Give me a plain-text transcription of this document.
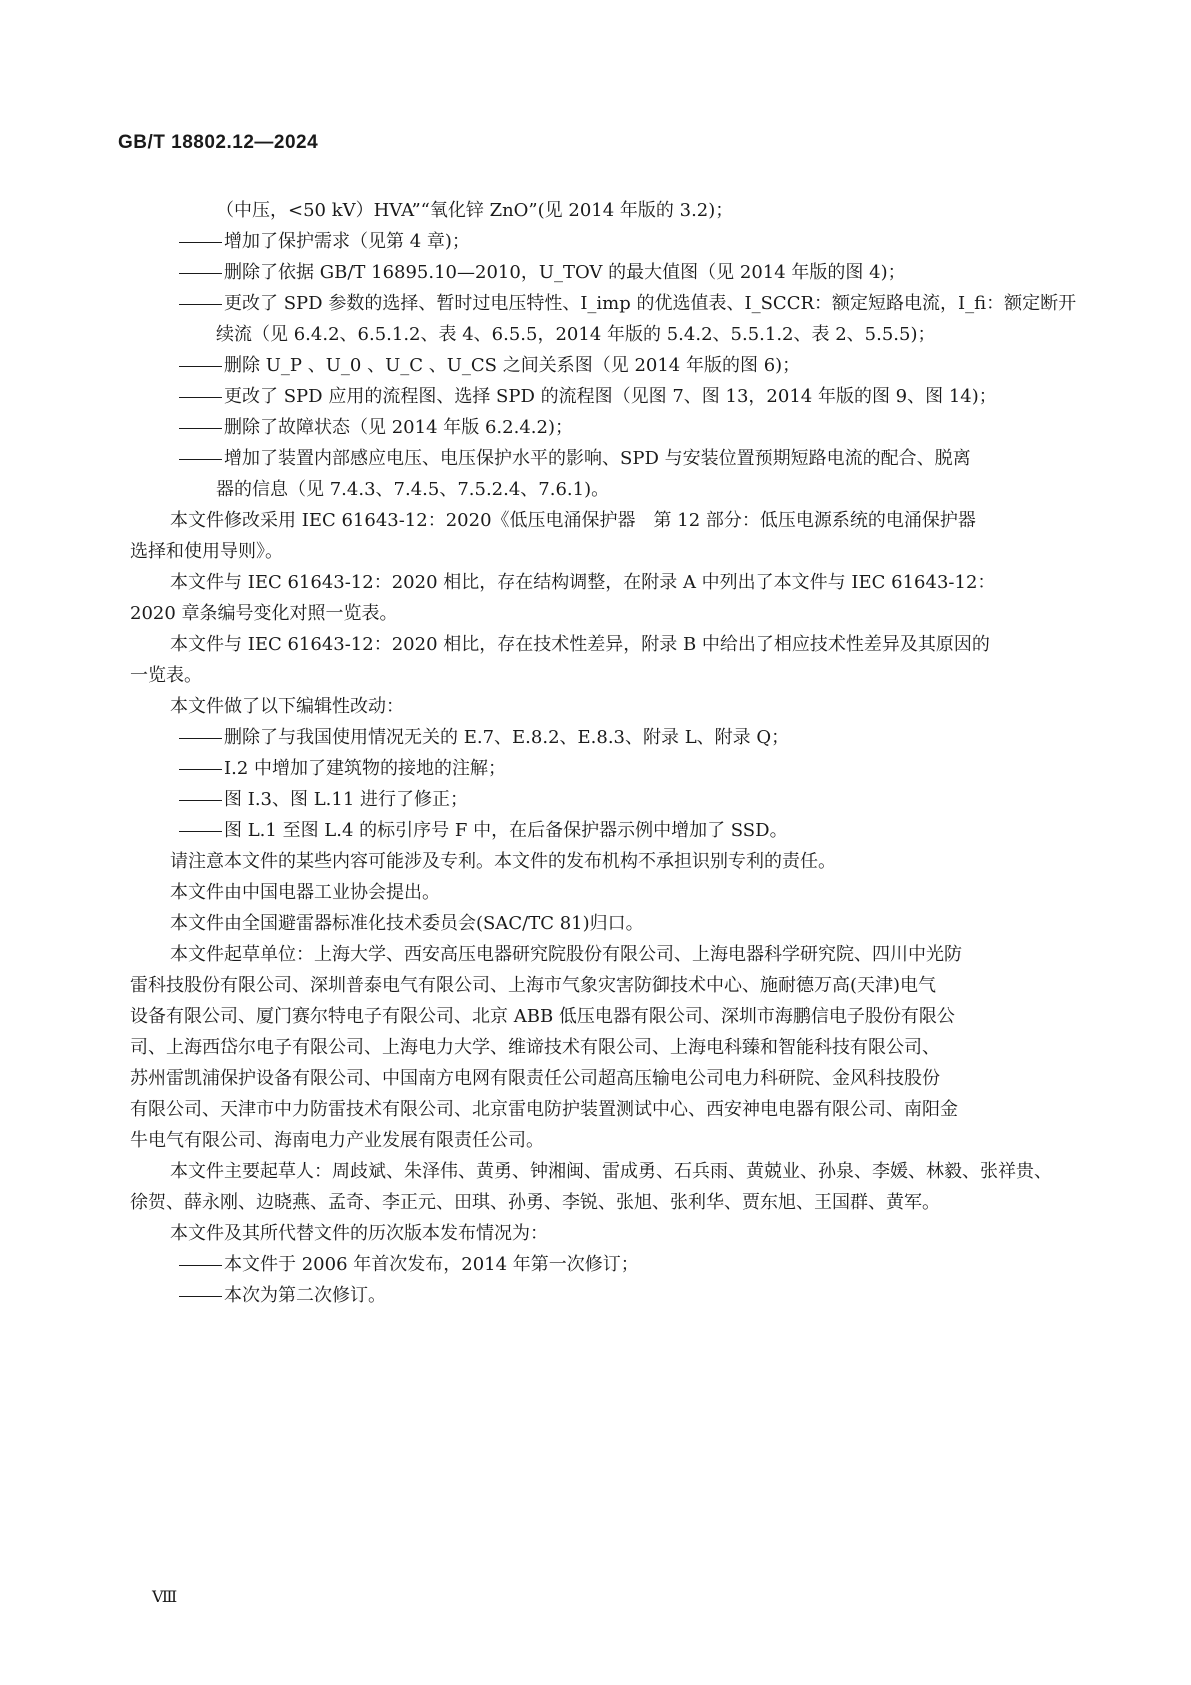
GB/T 18802.12—2024
（中压，<50 kV）HVA”“氧化锌 ZnO”(见 2014 年版的 3.2)；
增加了保护需求（见第 4 章)；
删除了依据 GB/T 16895.10—2010，U_TOV 的最大值图（见 2014 年版的图 4)；
更改了 SPD 参数的选择、暂时过电压特性、I_imp 的优选值表、I_SCCR：额定短路电流，I_fi：额定断开
续流（见 6.4.2、6.5.1.2、表 4、6.5.5，2014 年版的 5.4.2、5.5.1.2、表 2、5.5.5)；
删除 U_P 、U_0 、U_C 、U_CS 之间关系图（见 2014 年版的图 6)；
更改了 SPD 应用的流程图、选择 SPD 的流程图（见图 7、图 13，2014 年版的图 9、图 14)；
删除了故障状态（见 2014 年版 6.2.4.2)；
增加了装置内部感应电压、电压保护水平的影响、SPD 与安装位置预期短路电流的配合、脱离
器的信息（见 7.4.3、7.4.5、7.5.2.4、7.6.1)。
本文件修改采用 IEC 61643-12：2020《低压电涌保护器　第 12 部分：低压电源系统的电涌保护器
选择和使用导则》。
本文件与 IEC 61643-12：2020 相比，存在结构调整，在附录 A 中列出了本文件与 IEC 61643-12：
2020 章条编号变化对照一览表。
本文件与 IEC 61643-12：2020 相比，存在技术性差异，附录 B 中给出了相应技术性差异及其原因的
一览表。
本文件做了以下编辑性改动：
删除了与我国使用情况无关的 E.7、E.8.2、E.8.3、附录 L、附录 Q；
I.2 中增加了建筑物的接地的注解；
图 I.3、图 L.11 进行了修正；
图 L.1 至图 L.4 的标引序号 F 中，在后备保护器示例中增加了 SSD。
请注意本文件的某些内容可能涉及专利。本文件的发布机构不承担识别专利的责任。
本文件由中国电器工业协会提出。
本文件由全国避雷器标准化技术委员会(SAC/TC 81)归口。
本文件起草单位：上海大学、西安高压电器研究院股份有限公司、上海电器科学研究院、四川中光防
雷科技股份有限公司、深圳普泰电气有限公司、上海市气象灾害防御技术中心、施耐德万高(天津)电气
设备有限公司、厦门赛尔特电子有限公司、北京 ABB 低压电器有限公司、深圳市海鹏信电子股份有限公
司、上海西岱尔电子有限公司、上海电力大学、维谛技术有限公司、上海电科臻和智能科技有限公司、
苏州雷凯浦保护设备有限公司、中国南方电网有限责任公司超高压输电公司电力科研院、金风科技股份
有限公司、天津市中力防雷技术有限公司、北京雷电防护装置测试中心、西安神电电器有限公司、南阳金
牛电气有限公司、海南电力产业发展有限责任公司。
本文件主要起草人：周歧斌、朱泽伟、黄勇、钟湘闽、雷成勇、石兵雨、黄兢业、孙泉、李媛、林毅、张祥贵、
徐贺、薛永刚、边晓燕、孟奇、李正元、田琪、孙勇、李锐、张旭、张利华、贾东旭、王国群、黄军。
本文件及其所代替文件的历次版本发布情况为：
本文件于 2006 年首次发布，2014 年第一次修订；
本次为第二次修订。
Ⅷ
